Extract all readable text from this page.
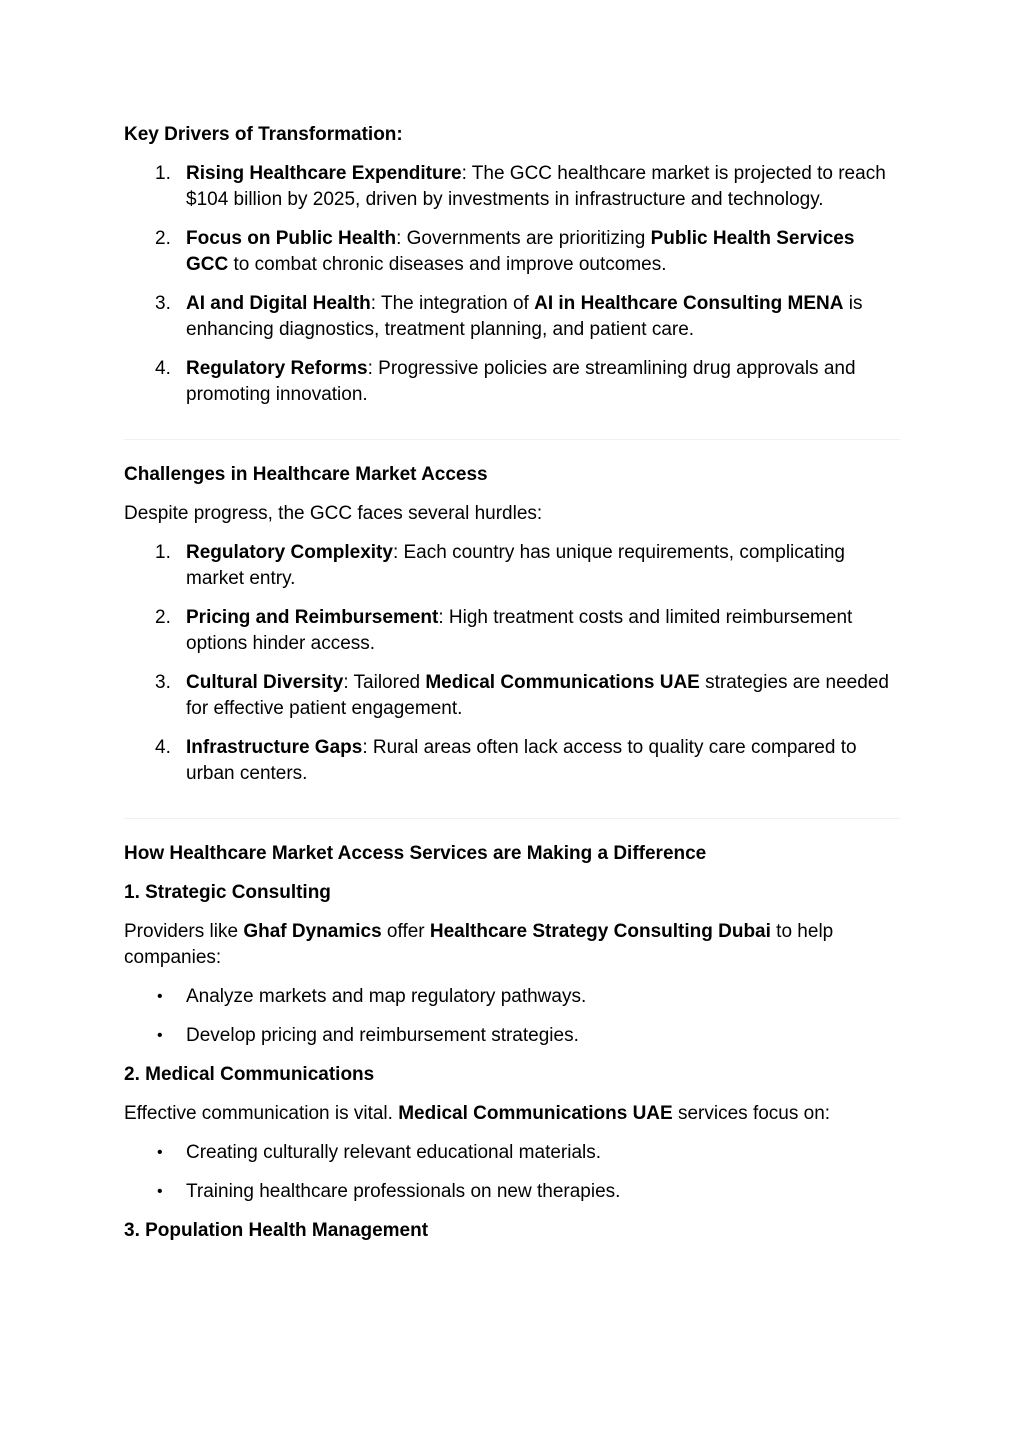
Key Drivers of Transformation:

1. Rising Healthcare Expenditure: The GCC healthcare market is projected to reach $104 billion by 2025, driven by investments in infrastructure and technology.
2. Focus on Public Health: Governments are prioritizing Public Health Services GCC to combat chronic diseases and improve outcomes.
3. AI and Digital Health: The integration of AI in Healthcare Consulting MENA is enhancing diagnostics, treatment planning, and patient care.
4. Regulatory Reforms: Progressive policies are streamlining drug approvals and promoting innovation.

Challenges in Healthcare Market Access

Despite progress, the GCC faces several hurdles:

1. Regulatory Complexity: Each country has unique requirements, complicating market entry.
2. Pricing and Reimbursement: High treatment costs and limited reimbursement options hinder access.
3. Cultural Diversity: Tailored Medical Communications UAE strategies are needed for effective patient engagement.
4. Infrastructure Gaps: Rural areas often lack access to quality care compared to urban centers.

How Healthcare Market Access Services are Making a Difference

1. Strategic Consulting

Providers like Ghaf Dynamics offer Healthcare Strategy Consulting Dubai to help companies:

• Analyze markets and map regulatory pathways.
• Develop pricing and reimbursement strategies.

2. Medical Communications

Effective communication is vital. Medical Communications UAE services focus on:

• Creating culturally relevant educational materials.
• Training healthcare professionals on new therapies.

3. Population Health Management
